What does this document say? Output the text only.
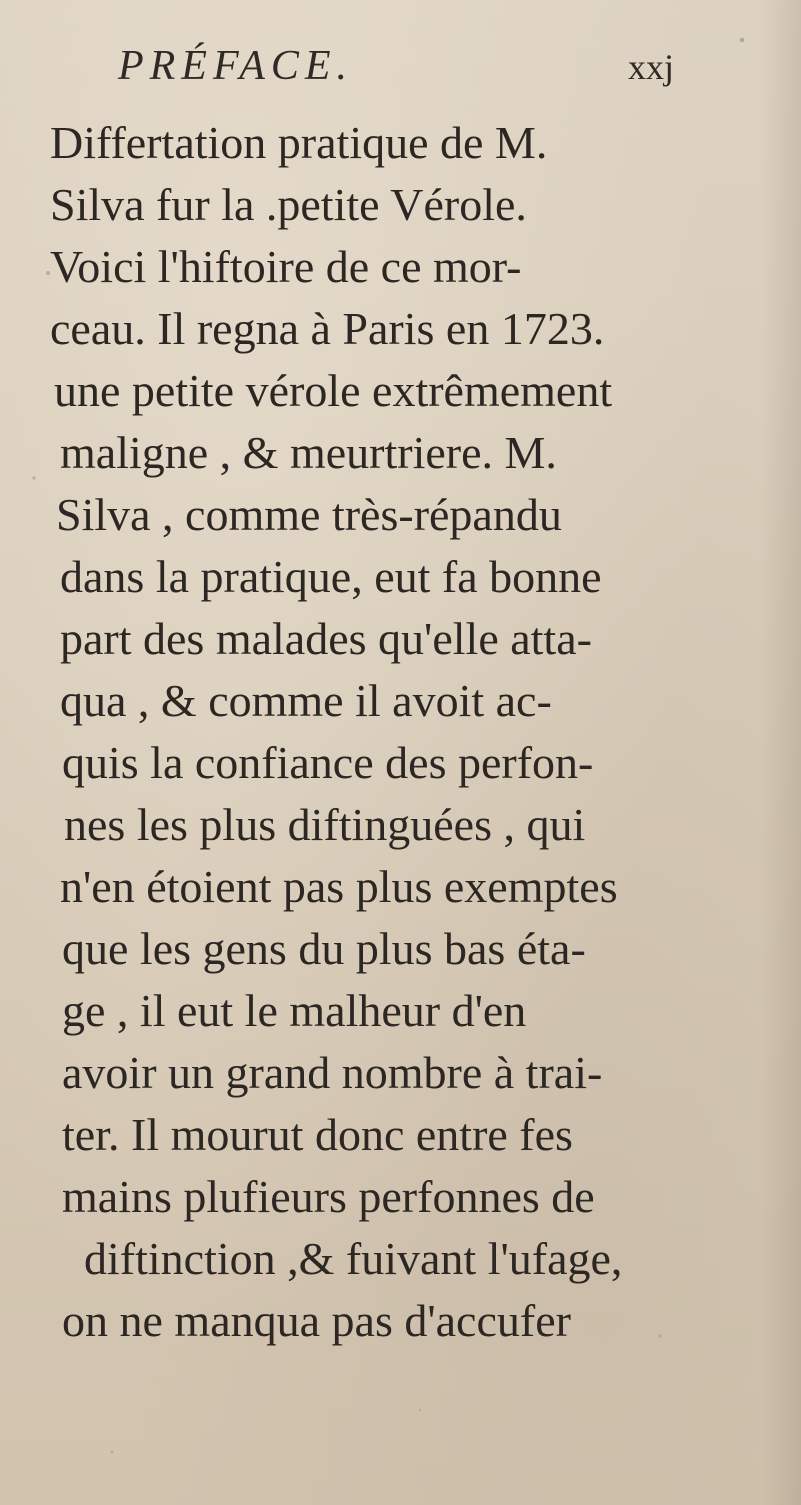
PRÉFACE.	xxj
Differtation pratique de M.
Silva fur la .petite Vérole.
Voici l'hiftoire de ce mor-
ceau. Il regna à Paris en 1723.
une petite vérole extrêmement
maligne , & meurtriere. M.
Silva , comme très-répandu
dans la pratique, eut fa bonne
part des malades qu'elle atta-
qua , & comme il avoit ac-
quis la confiance des perfon-
nes les plus diftinguées , qui
n'en étoient pas plus exemptes
que les gens du plus bas éta-
ge , il eut le malheur d'en
avoir un grand nombre à trai-
ter. Il mourut donc entre fes
mains plufieurs perfonnes de
diftinction ,& fuivant l'ufage,
on ne manqua pas d'accufer
